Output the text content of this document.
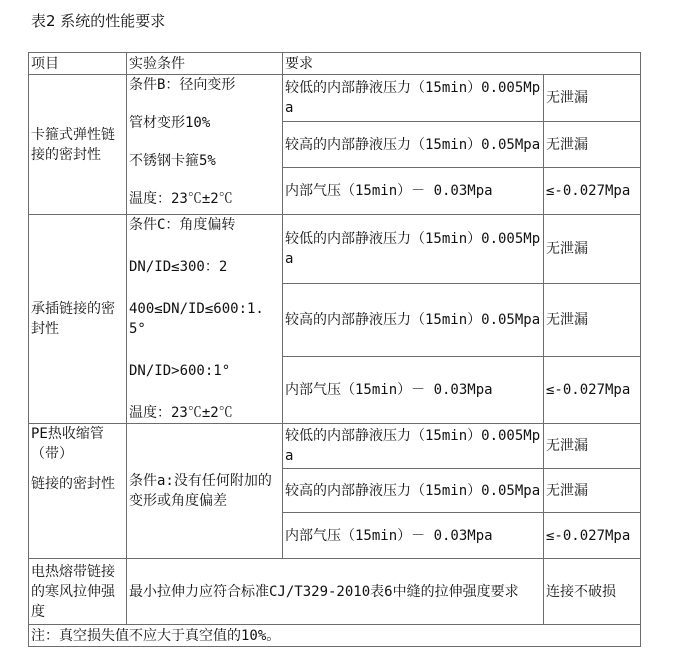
表2 系统的性能要求
项目	实验条件	要求	
卡箍式弹性链接的密封性	条件B：径向变形
管材变形10%
不锈钢卡箍5%
温度：23℃±2℃	较低的内部静液压力（15min）0.005Mpa	无泄漏
		较高的内部静液压力（15min）0.05Mpa	无泄漏
		内部气压（15min）－ 0.03Mpa	≤-0.027Mpa
承插链接的密封性	条件C：角度偏转
DN/ID≤300：2
400≤DN/ID≤600:1.5°
DN/ID>600:1°
温度：23℃±2℃	较低的内部静液压力（15min）0.005Mpa	无泄漏
		较高的内部静液压力（15min）0.05Mpa	无泄漏
		内部气压（15min）－ 0.03Mpa	≤-0.027Mpa

PE热收缩管（带）
链接的密封性	条件a:没有任何附加的变形或角度偏差	较低的内部静液压力（15min）0.005Mpa	无泄漏
		较高的内部静液压力（15min）0.05Mpa	无泄漏
		内部气压（15min）－ 0.03Mpa	≤-0.027Mpa
电热熔带链接的寒风拉伸强度	最小拉伸力应符合标准CJ/T329-2010表6中缝的拉伸强度要求		连接不破损
注：真空损失值不应大于真空值的10%。			
